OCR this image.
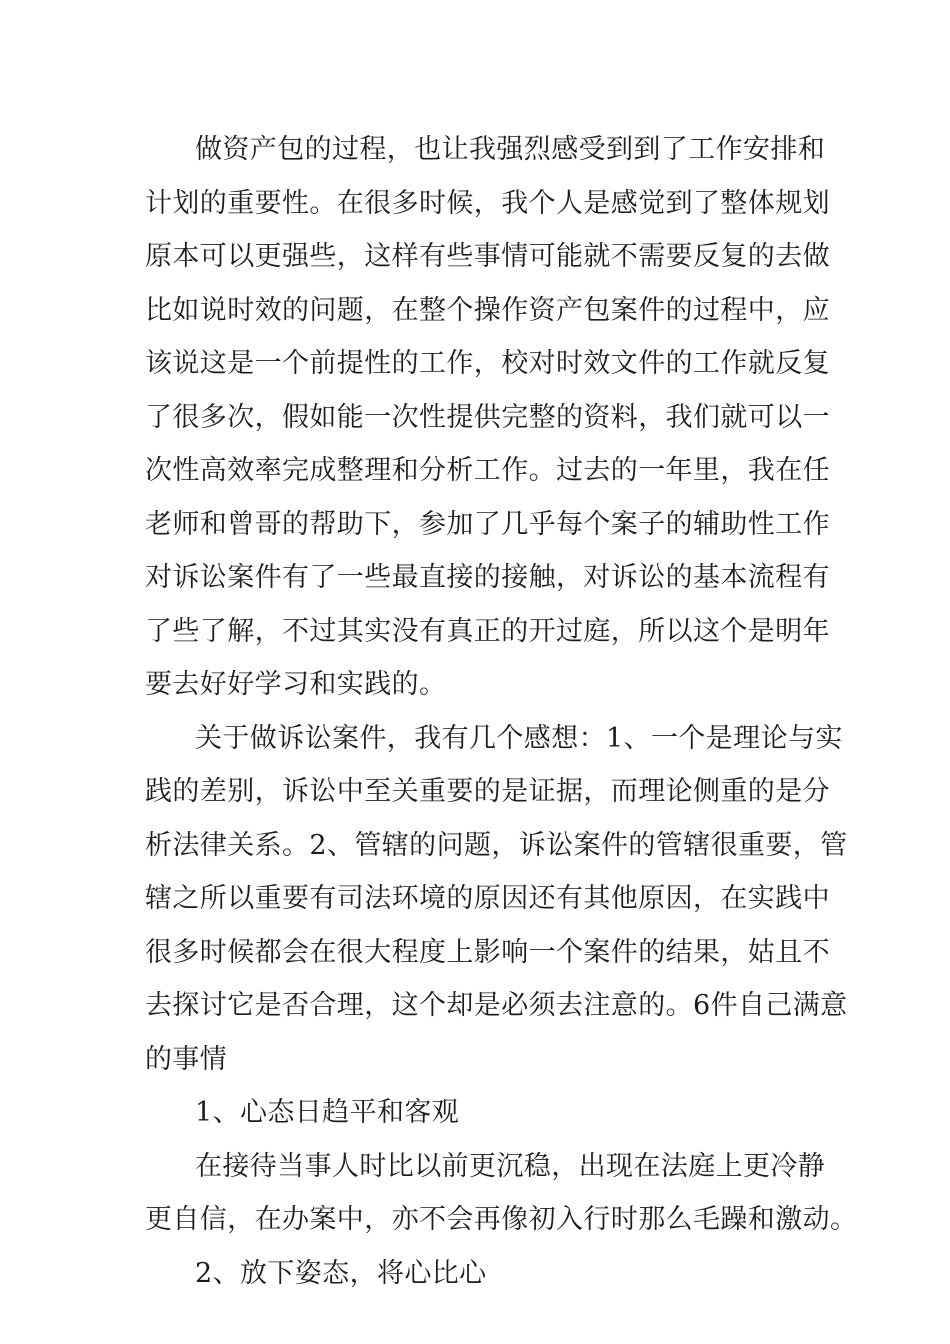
做资产包的过程，也让我强烈感受到到了工作安排和
计划的重要性。在很多时候，我个人是感觉到了整体规划
原本可以更强些，这样有些事情可能就不需要反复的去做
比如说时效的问题，在整个操作资产包案件的过程中，应
该说这是一个前提性的工作，校对时效文件的工作就反复
了很多次，假如能一次性提供完整的资料，我们就可以一
次性高效率完成整理和分析工作。过去的一年里，我在任
老师和曾哥的帮助下，参加了几乎每个案子的辅助性工作
对诉讼案件有了一些最直接的接触，对诉讼的基本流程有
了些了解，不过其实没有真正的开过庭，所以这个是明年
要去好好学习和实践的。
关于做诉讼案件，我有几个感想：1、一个是理论与实
践的差别，诉讼中至关重要的是证据，而理论侧重的是分
析法律关系。2、管辖的问题，诉讼案件的管辖很重要，管
辖之所以重要有司法环境的原因还有其他原因，在实践中
很多时候都会在很大程度上影响一个案件的结果，姑且不
去探讨它是否合理，这个却是必须去注意的。6件自己满意
的事情
1、心态日趋平和客观
在接待当事人时比以前更沉稳，出现在法庭上更冷静
更自信，在办案中，亦不会再像初入行时那么毛躁和激动。
2、放下姿态，将心比心
